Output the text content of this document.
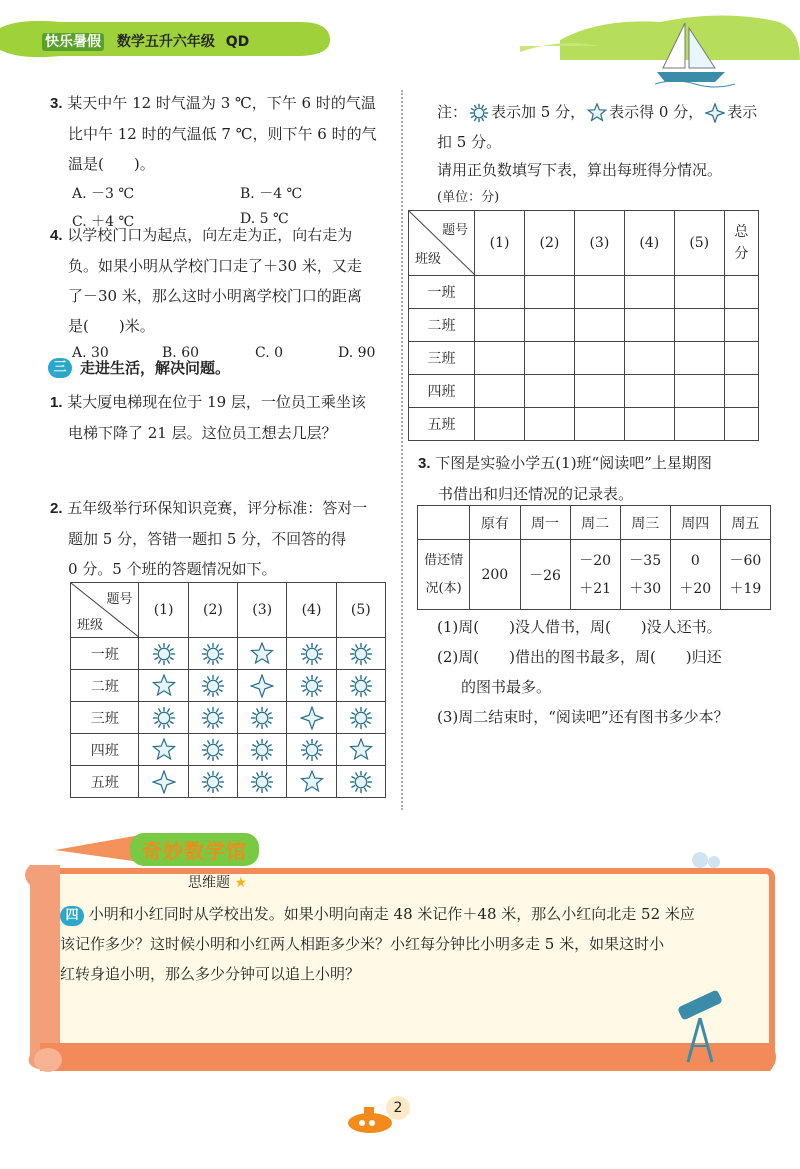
快乐暑假 数学五升六年级 QD

3. 某天中午 12 时气温为 3 ℃，下午 6 时的气温

比中午 12 时的气温低 7 ℃，则下午 6 时的气

温是(　　)。

A. －3 ℃	B. －4 ℃
C. ＋4 ℃	D. 5 ℃

4. 以学校门口为起点，向左走为正，向右走为

负。如果小明从学校门口走了＋30 米，又走

了－30 米，那么这时小明离学校门口的距离

是(　　)米。

A. 30	B. 60	C. 0	D. 90
三 走进生活，解决问题。

1. 某大厦电梯现在位于 19 层，一位员工乘坐该

电梯下降了 21 层。这位员工想去几层？

2. 五年级举行环保知识竞赛，评分标准：答对一

题加 5 分，答错一题扣 5 分，不回答的得

0 分。5 个班的答题情况如下。

题号
班级	(1)	(2)	(3)	(4)	(5)
一班					
二班					
三班					
四班					
五班					
注： 表示加 5 分， 表示得 0 分， 表示

扣 5 分。

请用正负数填写下表，算出每班得分情况。

(单位：分)

题号
班级	(1)	(2)	(3)	(4)	(5)	总
分
一班						
二班						
三班						
四班						
五班						

3. 下图是实验小学五(1)班“阅读吧”上星期图

书借出和归还情况的记录表。

	原有	周一	周二	周三	周四	周五
借还情
况(本)	200	－26	－20
＋21	－35
＋30	0
＋20	－60
＋19

(1)周(　　)没人借书，周(　　)没人还书。

(2)周(　　)借出的图书最多，周(　　)归还

的图书最多。

(3)周二结束时，“阅读吧”还有图书多少本？

奇妙数学馆
思维题 ★

四 小明和小红同时从学校出发。如果小明向南走 48 米记作＋48 米，那么小红向北走 52 米应

该记作多少？这时候小明和小红两人相距多少米？小红每分钟比小明多走 5 米，如果这时小

红转身追小明，那么多少分钟可以追上小明？

2
